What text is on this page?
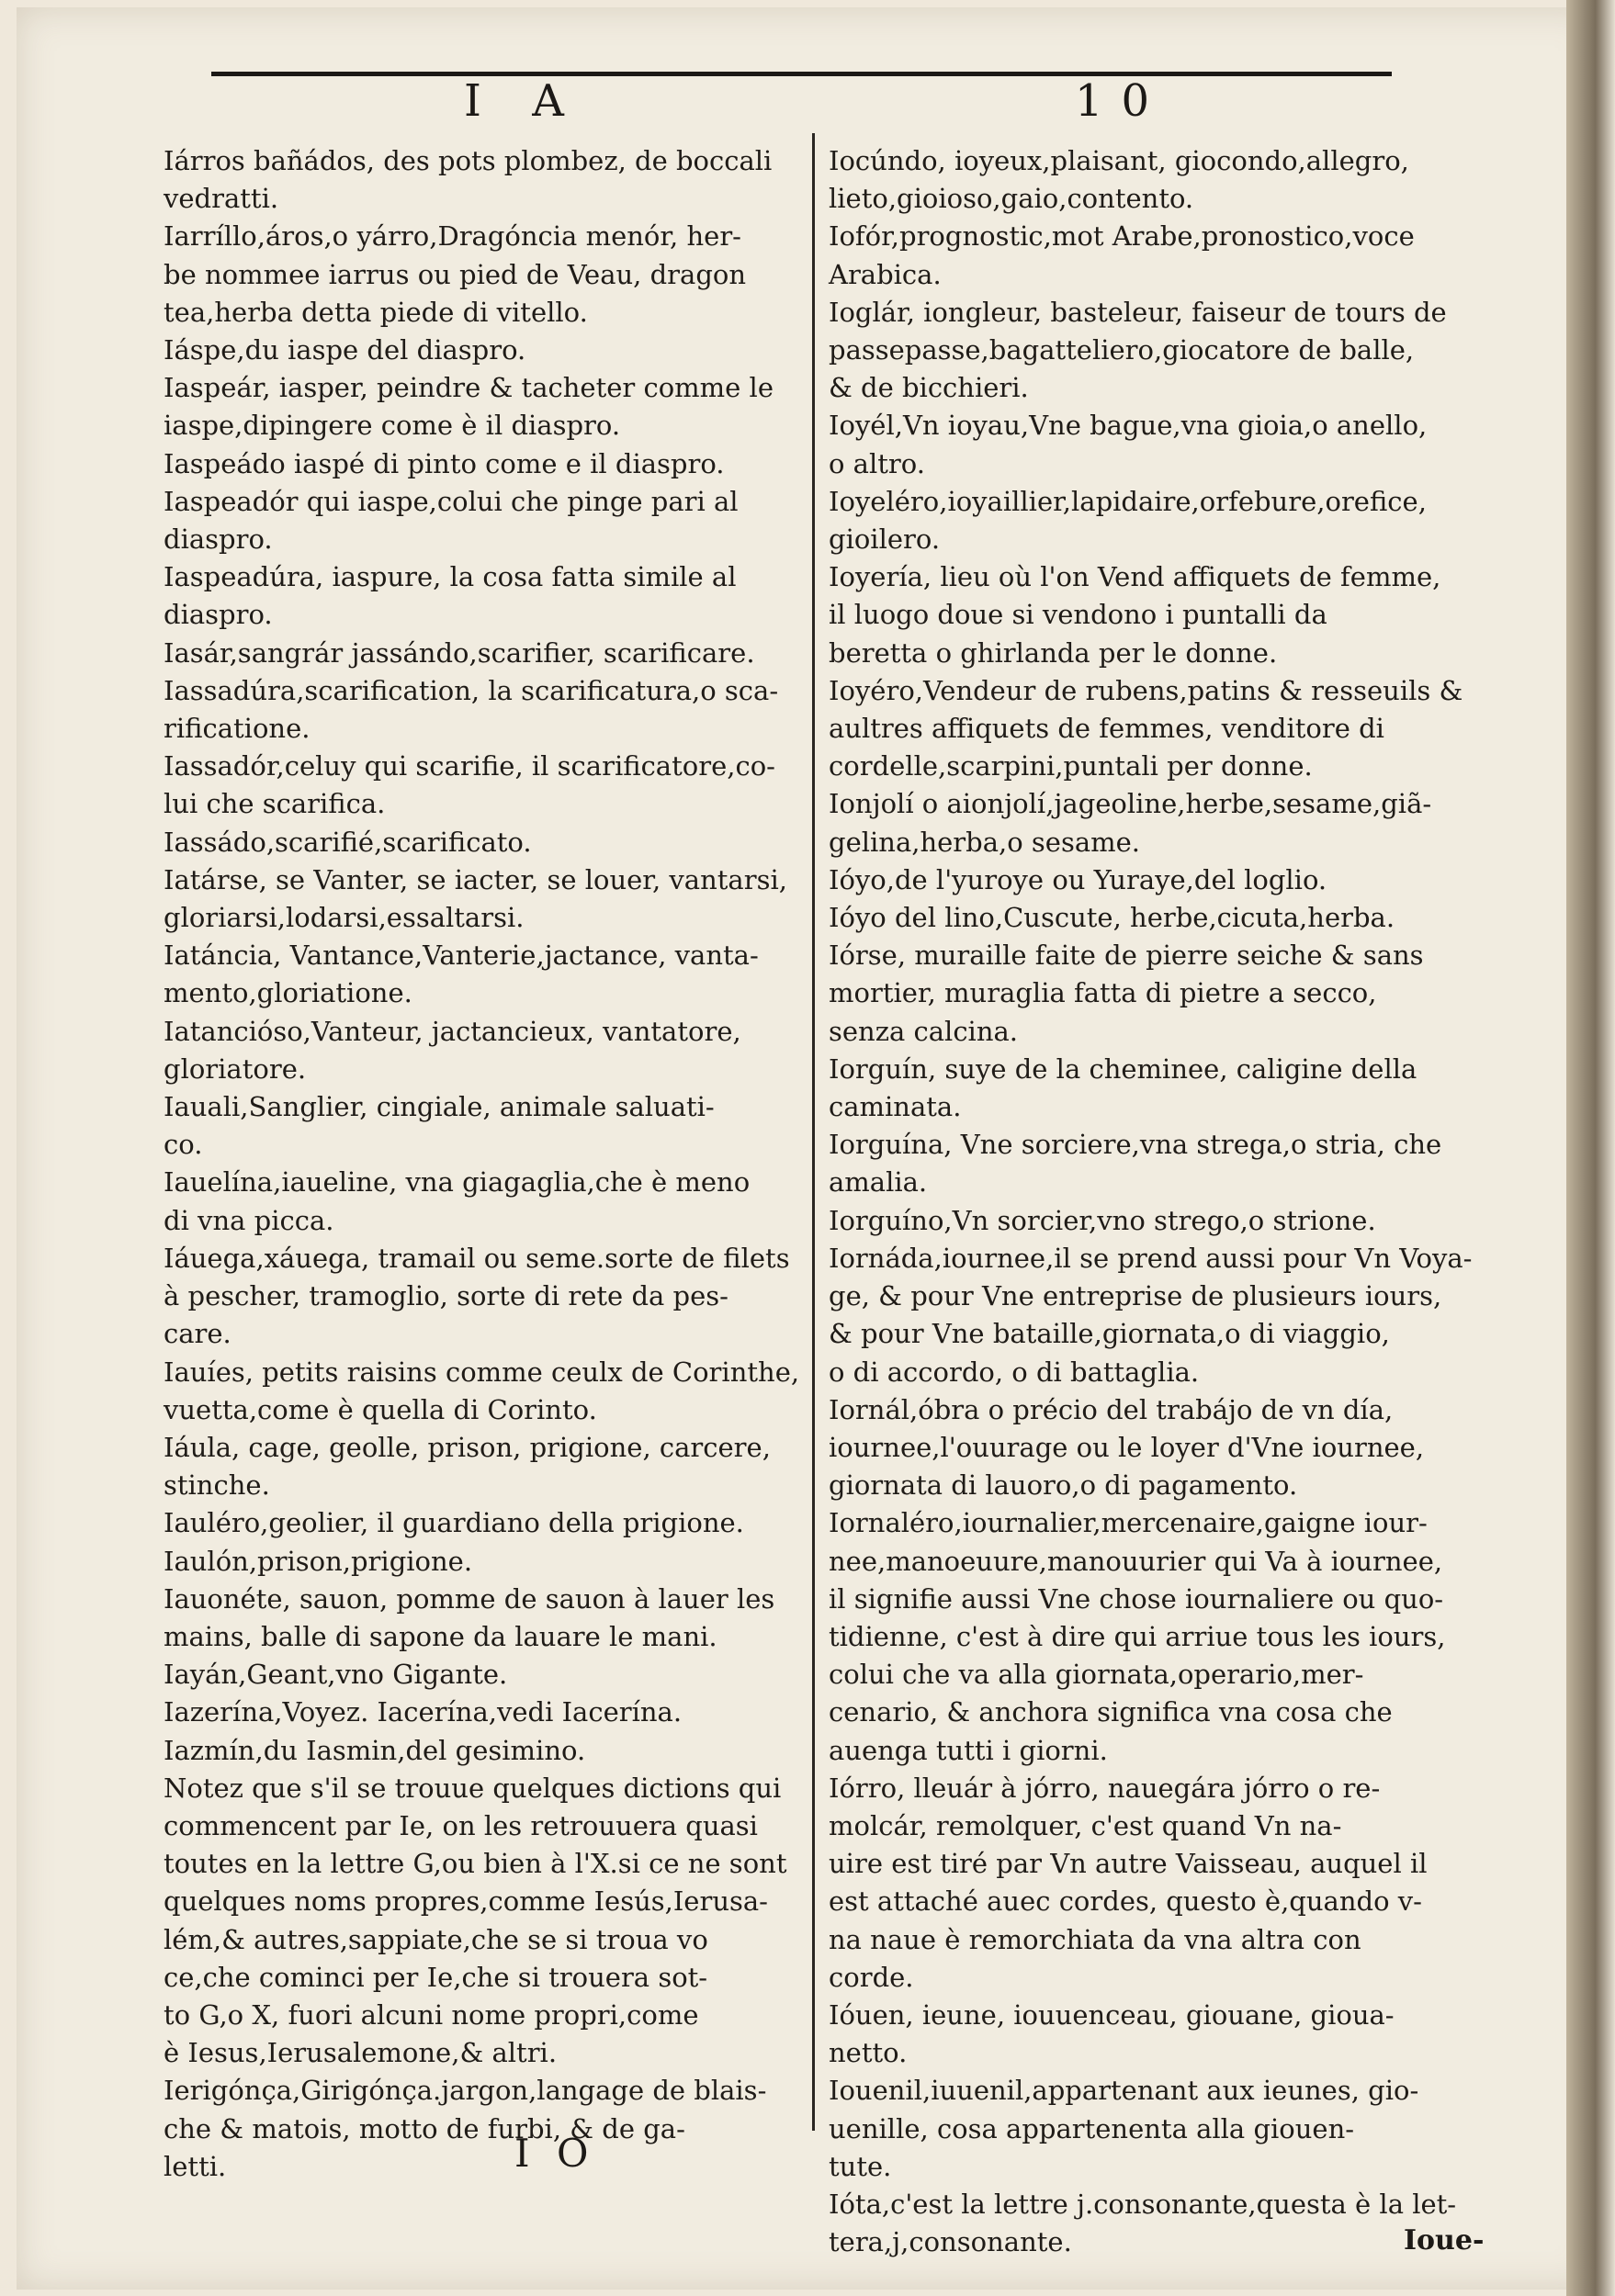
I A	10

Iárros bañádos, des pots plombez, de boccali
vedratti.

Iarríllo,áros,o yárro,Dragóncia menór, her-
be nommee iarrus ou pied de Veau, dragon
tea,herba detta piede di vitello.

Iáspe,du iaspe del diaspro.

Iaspeár, iasper, peindre & tacheter comme le
iaspe,dipingere come è il diaspro.

Iaspeádo iaspé di pinto come e il diaspro.

Iaspeadór qui iaspe,colui che pinge pari al
diaspro.

Iaspeadúra, iaspure, la cosa fatta simile al
diaspro.

Iasár,sangrár jassándo,scarifier, scarificare.

Iassadúra,scarification, la scarificatura,o sca-
rificatione.

Iassadór,celuy qui scarifie, il scarificatore,co-
lui che scarifica.

Iassádo,scarifié,scarificato.

Iatárse, se Vanter, se iacter, se louer, vantarsi,
gloriarsi,lodarsi,essaltarsi.

Iatáncia, Vantance,Vanterie,jactance, vanta-
mento,gloriatione.

Iatancióso,Vanteur, jactancieux, vantatore,
gloriatore.

Iauali,Sanglier, cingiale, animale saluati-
co.

Iauelína,iaueline, vna giagaglia,che è meno
di vna picca.

Iáuega,xáuega, tramail ou seme.sorte de filets
à pescher, tramoglio, sorte di rete da pes-
care.

Iauíes, petits raisins comme ceulx de Corinthe,
vuetta,come è quella di Corinto.

Iáula, cage, geolle, prison, prigione, carcere,
stinche.

Iauléro,geolier, il guardiano della prigione.

Iaulón,prison,prigione.

Iauonéte, sauon, pomme de sauon à lauer les
mains, balle di sapone da lauare le mani.

Iayán,Geant,vno Gigante.

Iazerína,Voyez. Iacerína,vedi Iacerína.

Iazmín,du Iasmin,del gesimino.

Notez que s'il se trouue quelques dictions qui
commencent par Ie, on les retrouuera quasi
toutes en la lettre G,ou bien à l'X.si ce ne sont
quelques noms propres,comme Iesús,Ierusa-
lém,& autres,sappiate,che se si troua vo
ce,che cominci per Ie,che si trouera sot-
to G,o X, fuori alcuni nome propri,come
è Iesus,Ierusalemone,& altri.

Ierigónça,Girigónça.jargon,langage de blais-
che & matois, motto de furbi, & de ga-
letti.

Iocúndo, ioyeux,plaisant, giocondo,allegro,
lieto,gioioso,gaio,contento.

Iofór,prognostic,mot Arabe,pronostico,voce
Arabica.

Ioglár, iongleur, basteleur, faiseur de tours de
passepasse,bagatteliero,giocatore de balle,
& de bicchieri.

Ioyél,Vn ioyau,Vne bague,vna gioia,o anello,
o altro.

Ioyeléro,ioyaillier,lapidaire,orfebure,orefice,
gioilero.

Ioyería, lieu où l'on Vend affiquets de femme,
il luogo doue si vendono i puntalli da
beretta o ghirlanda per le donne.

Ioyéro,Vendeur de rubens,patins & resseuils &
aultres affiquets de femmes, venditore di
cordelle,scarpini,puntali per donne.

Ionjolí o aionjolí,jageoline,herbe,sesame,giã-
gelina,herba,o sesame.

Ióyo,de l'yuroye ou Yuraye,del loglio.

Ióyo del lino,Cuscute, herbe,cicuta,herba.

Iórse, muraille faite de pierre seiche & sans
mortier, muraglia fatta di pietre a secco,
senza calcina.

Iorguín, suye de la cheminee, caligine della
caminata.

Iorguína, Vne sorciere,vna strega,o stria, che
amalia.

Iorguíno,Vn sorcier,vno strego,o strione.

Iornáda,iournee,il se prend aussi pour Vn Voya-
ge, & pour Vne entreprise de plusieurs iours,
& pour Vne bataille,giornata,o di viaggio,
o di accordo, o di battaglia.

Iornál,óbra o précio del trabájo de vn día,
iournee,l'ouurage ou le loyer d'Vne iournee,
giornata di lauoro,o di pagamento.

Iornaléro,iournalier,mercenaire,gaigne iour-
nee,manoeuure,manouurier qui Va à iournee,
il signifie aussi Vne chose iournaliere ou quo-
tidienne, c'est à dire qui arriue tous les iours,
colui che va alla giornata,operario,mer-
cenario, & anchora significa vna cosa che
auenga tutti i giorni.

Iórro, lleuár à jórro, nauegára jórro o re-
molcár, remolquer, c'est quand Vn na-
uire est tiré par Vn autre Vaisseau, auquel il
est attaché auec cordes, questo è,quando v-
na naue è remorchiata da vna altra con
corde.

Ióuen, ieune, iouuenceau, giouane, gioua-
netto.

Iouenil,iuuenil,appartenant aux ieunes, gio-
uenille, cosa appartenenta alla giouen-
tute.

Ióta,c'est la lettre j.consonante,questa è la let-
tera,j,consonante.

I O
Ioue-
